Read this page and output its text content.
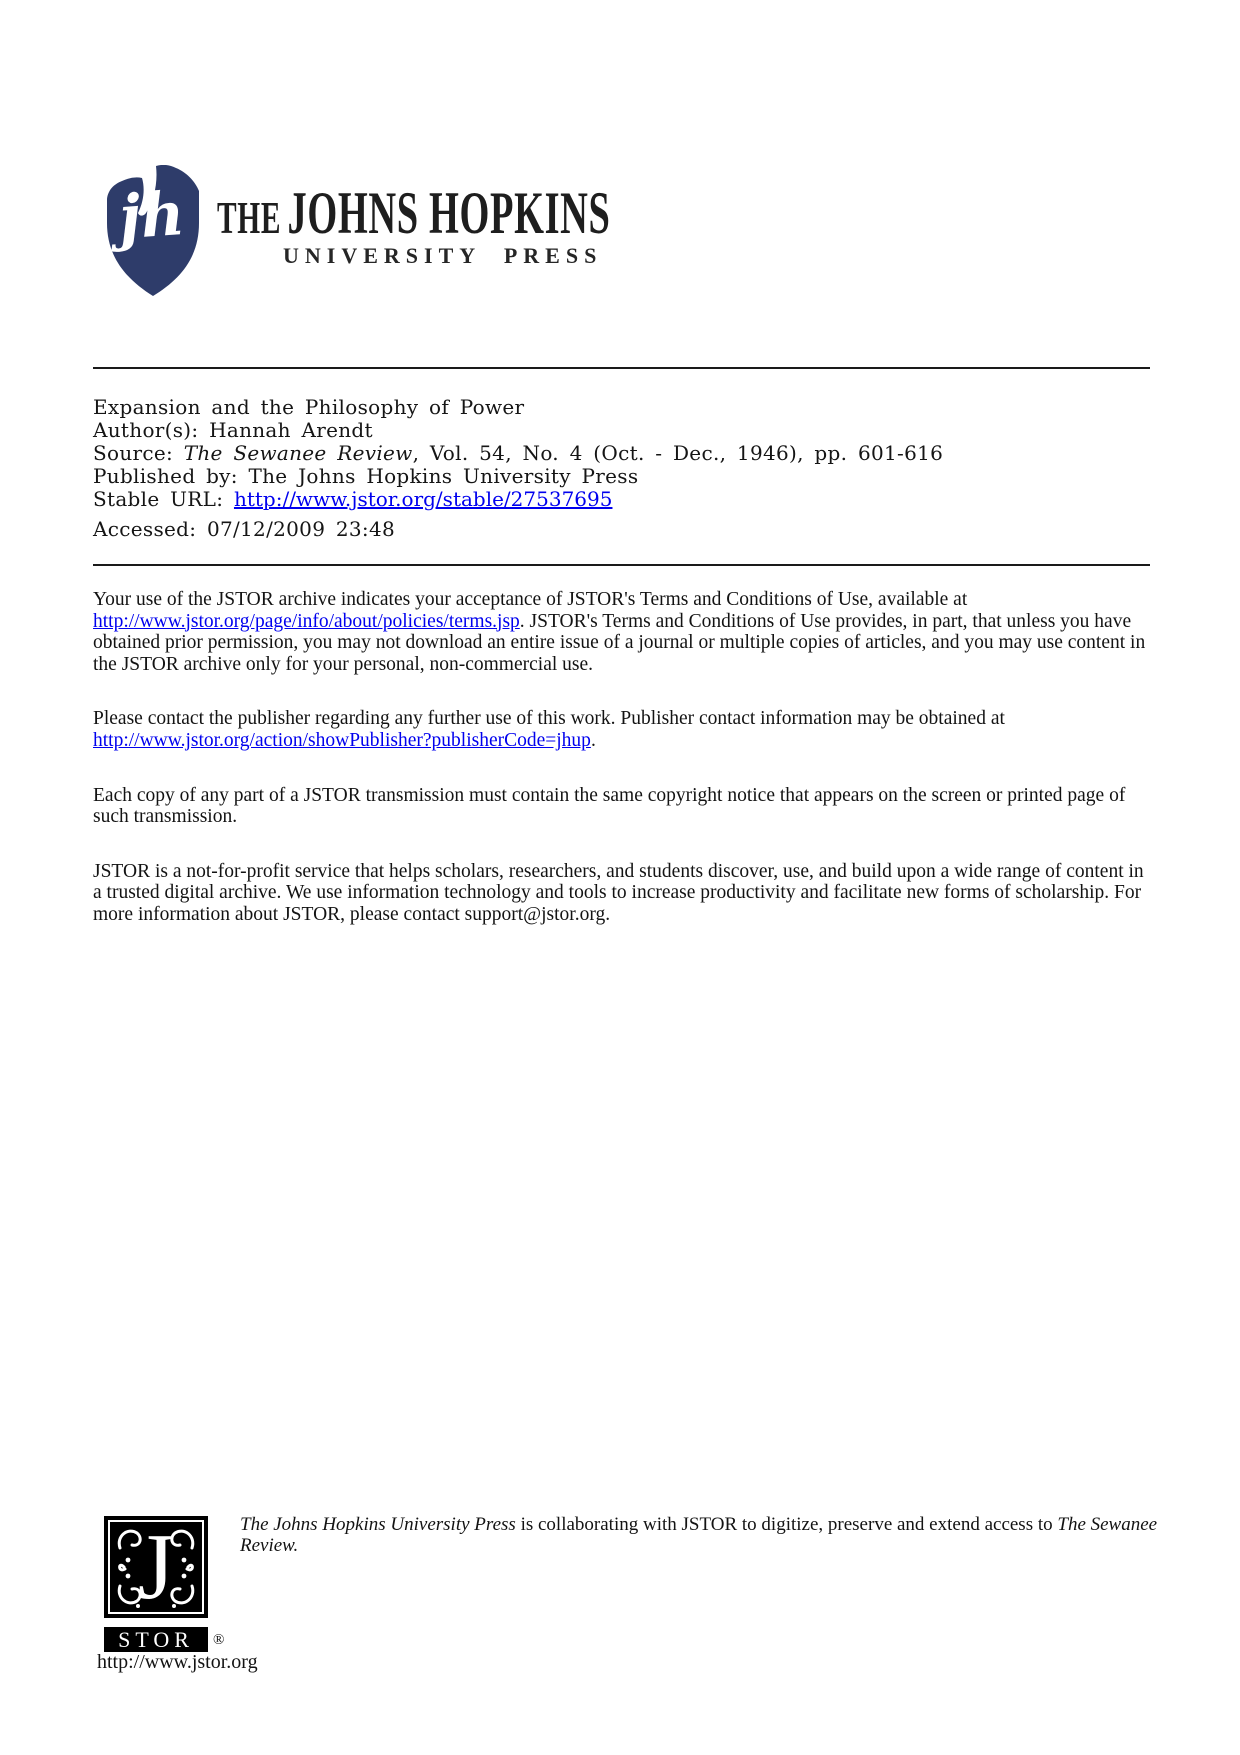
jh THE JOHNS HOPKINS
UNIVERSITY PRESS
Expansion and the Philosophy of Power
Author(s): Hannah Arendt
Source: The Sewanee Review, Vol. 54, No. 4 (Oct. - Dec., 1946), pp. 601-616
Published by: The Johns Hopkins University Press
Stable URL: http://www.jstor.org/stable/27537695
Accessed: 07/12/2009 23:48

Your use of the JSTOR archive indicates your acceptance of JSTOR's Terms and Conditions of Use, available at http://www.jstor.org/page/info/about/policies/terms.jsp. JSTOR's Terms and Conditions of Use provides, in part, that unless you have obtained prior permission, you may not download an entire issue of a journal or multiple copies of articles, and you may use content in the JSTOR archive only for your personal, non-commercial use.

Please contact the publisher regarding any further use of this work. Publisher contact information may be obtained at http://www.jstor.org/action/showPublisher?publisherCode=jhup.

Each copy of any part of a JSTOR transmission must contain the same copyright notice that appears on the screen or printed page of such transmission.

JSTOR is a not-for-profit service that helps scholars, researchers, and students discover, use, and build upon a wide range of content in a trusted digital archive. We use information technology and tools to increase productivity and facilitate new forms of scholarship. For more information about JSTOR, please contact support@jstor.org.

J
STOR	®
The Johns Hopkins University Press is collaborating with JSTOR to digitize, preserve and extend access to The Sewanee Review.
http://www.jstor.org
